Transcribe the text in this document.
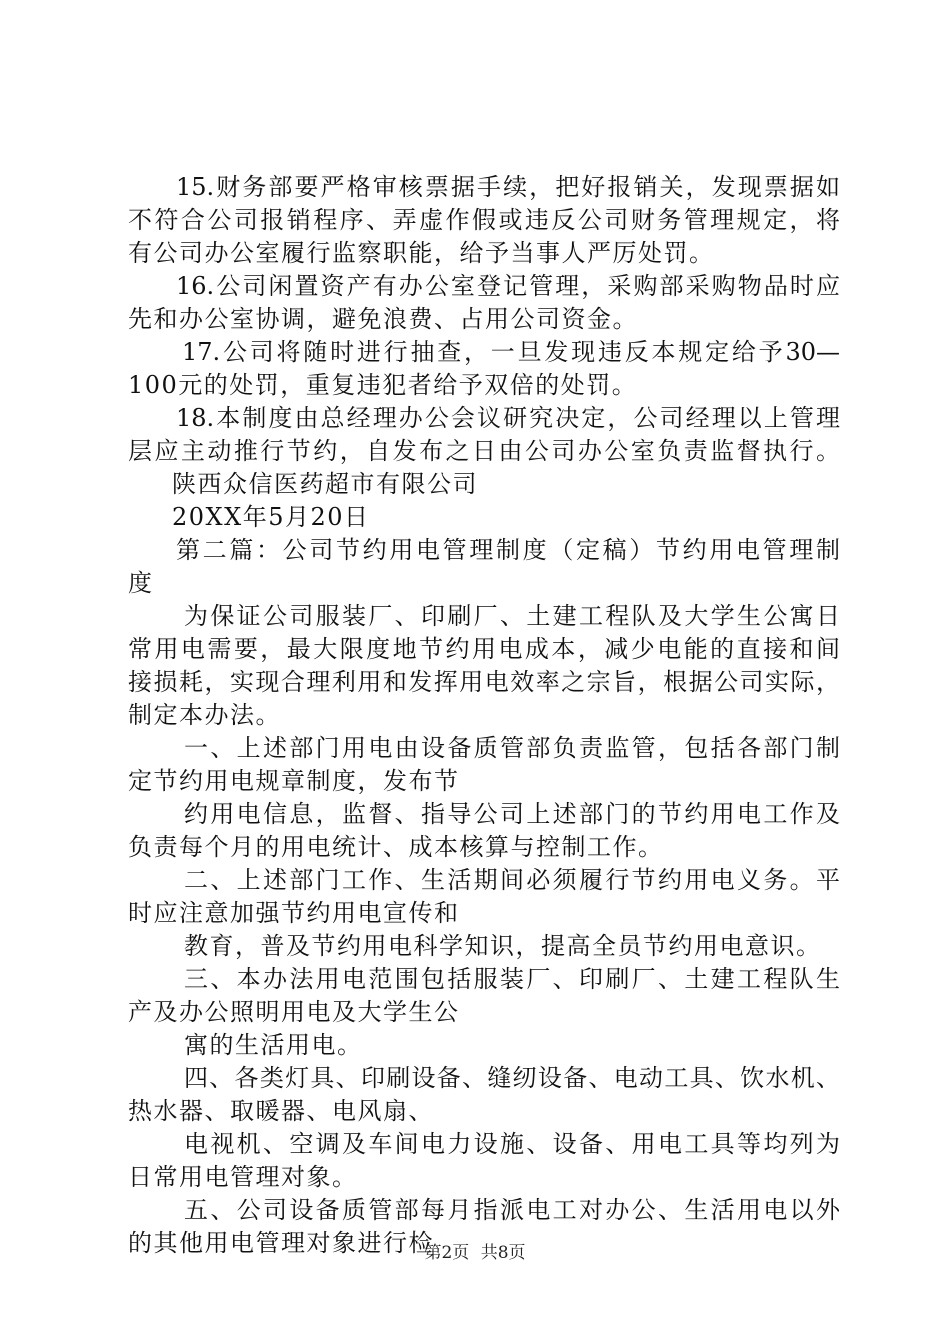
15.财务部要严格审核票据手续，把好报销关，发现票据如
不符合公司报销程序、弄虚作假或违反公司财务管理规定，将
有公司办公室履行监察职能，给予当事人严厉处罚。
16.公司闲置资产有办公室登记管理，采购部采购物品时应
先和办公室协调，避免浪费、占用公司资金。
17.公司将随时进行抽查，一旦发现违反本规定给予30—
100元的处罚，重复违犯者给予双倍的处罚。
18.本制度由总经理办公会议研究决定，公司经理以上管理
层应主动推行节约，自发布之日由公司办公室负责监督执行。
陕西众信医药超市有限公司
20XX年5月20日
第二篇：公司节约用电管理制度（定稿）节约用电管理制
度
为保证公司服装厂、印刷厂、土建工程队及大学生公寓日
常用电需要，最大限度地节约用电成本，减少电能的直接和间
接损耗，实现合理利用和发挥用电效率之宗旨，根据公司实际，
制定本办法。
一、上述部门用电由设备质管部负责监管，包括各部门制
定节约用电规章制度，发布节
约用电信息，监督、指导公司上述部门的节约用电工作及
负责每个月的用电统计、成本核算与控制工作。
二、上述部门工作、生活期间必须履行节约用电义务。平
时应注意加强节约用电宣传和
教育，普及节约用电科学知识，提高全员节约用电意识。
三、本办法用电范围包括服装厂、印刷厂、土建工程队生
产及办公照明用电及大学生公
寓的生活用电。
四、各类灯具、印刷设备、缝纫设备、电动工具、饮水机、
热水器、取暖器、电风扇、
电视机、空调及车间电力设施、设备、用电工具等均列为
日常用电管理对象。
五、公司设备质管部每月指派电工对办公、生活用电以外
的其他用电管理对象进行检
第2页 共8页
